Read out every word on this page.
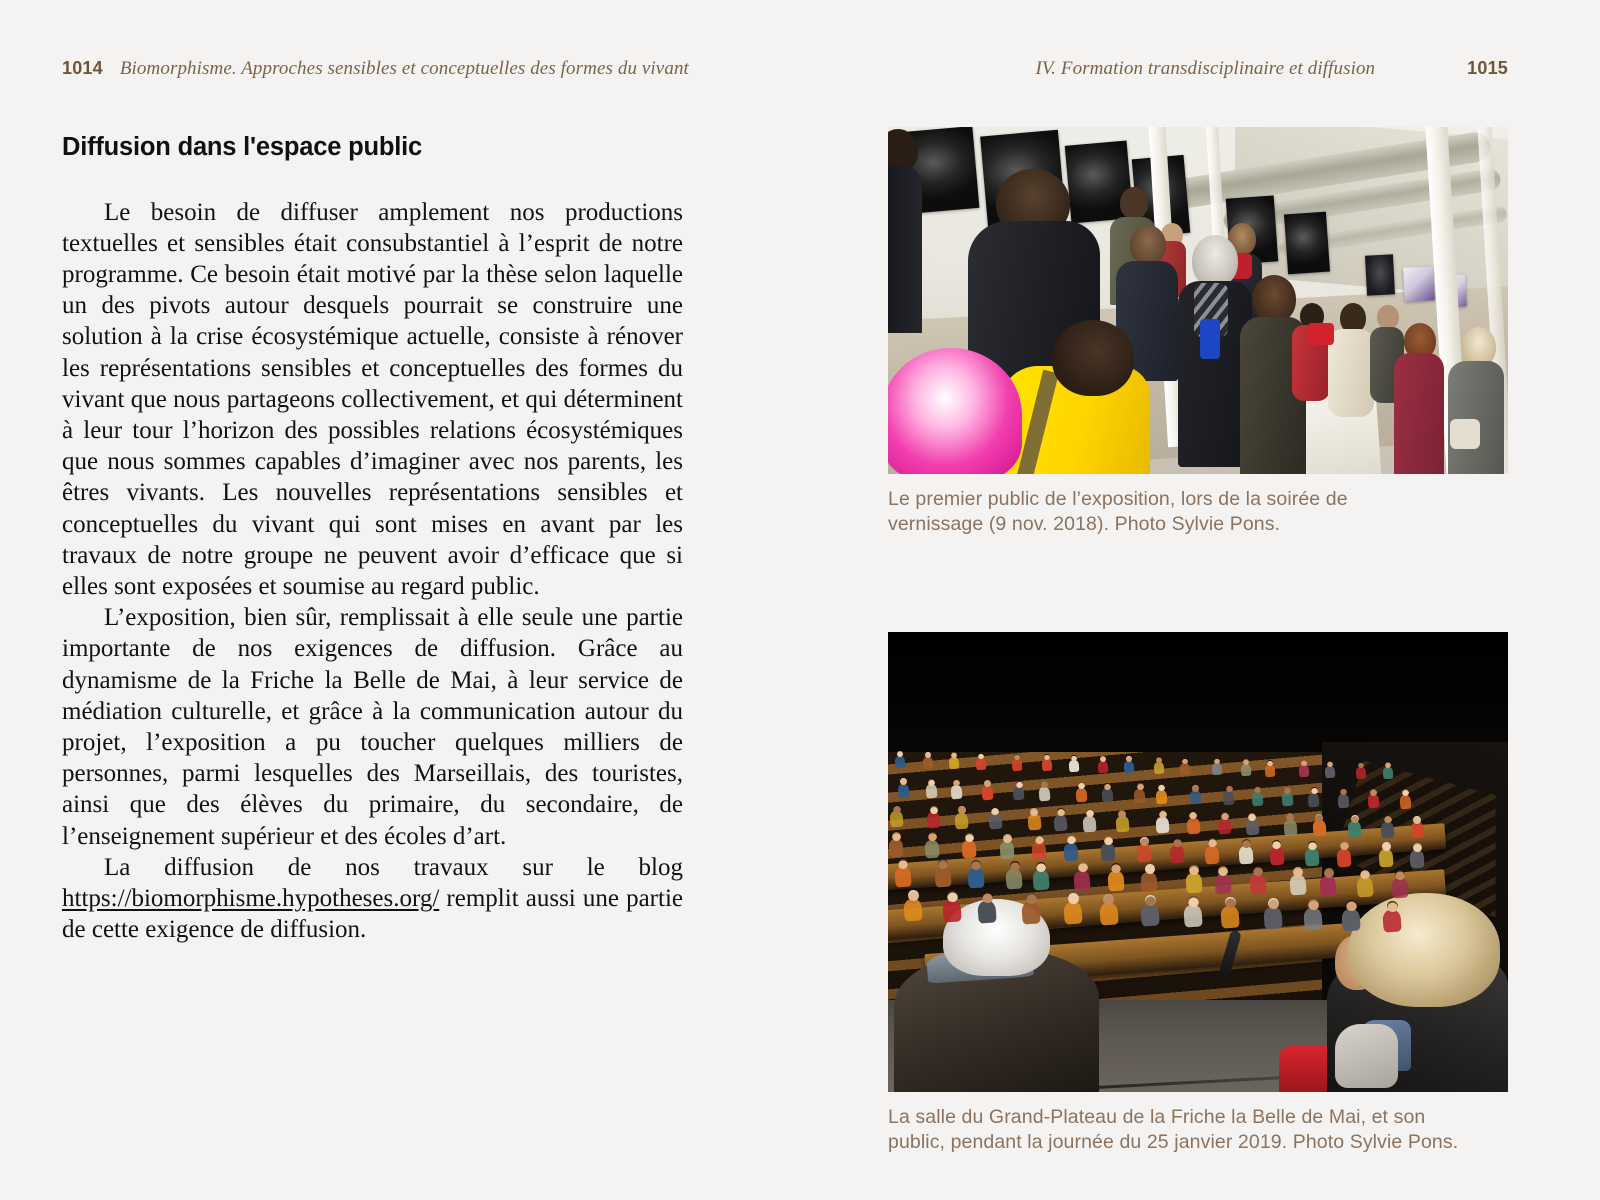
1014 Biomorphisme. Approches sensibles et conceptuelles des formes du vivant	IV. Formation transdisciplinaire et diffusion	1015
Diffusion dans l'espace public

Le besoin de diffuser amplement nos productions textuelles et sensibles était consubstantiel à l’esprit de notre programme. Ce besoin était motivé par la thèse selon laquelle un des pivots autour desquels pourrait se construire une solution à la crise écosystémique actuelle, consiste à rénover les représentations sensibles et conceptuelles des formes du vivant que nous partageons collectivement, et qui déterminent à leur tour l’horizon des possibles relations écosystémiques que nous sommes capables d’imaginer avec nos parents, les êtres vivants. Les nouvelles représentations sensibles et conceptuelles du vivant qui sont mises en avant par les travaux de notre groupe ne peuvent avoir d’efficace que si elles sont exposées et soumise au regard public.

L’exposition, bien sûr, remplissait à elle seule une partie importante de nos exigences de diffusion. Grâce au dynamisme de la Friche la Belle de Mai, à leur service de médiation culturelle, et grâce à la communication autour du projet, l’exposition a pu toucher quelques milliers de personnes, parmi lesquelles des Marseillais, des touristes, ainsi que des élèves du primaire, du secondaire, de l’enseignement supérieur et des écoles d’art.

La diffusion de nos travaux sur le blog https://biomorphisme.hypotheses.org/ remplit aussi une partie de cette exigence de diffusion.

Le premier public de l’exposition, lors de la soirée de
vernissage (9 nov. 2018). Photo Sylvie Pons.
La salle du Grand-Plateau de la Friche la Belle de Mai, et son
public, pendant la journée du 25 janvier 2019. Photo Sylvie Pons.
